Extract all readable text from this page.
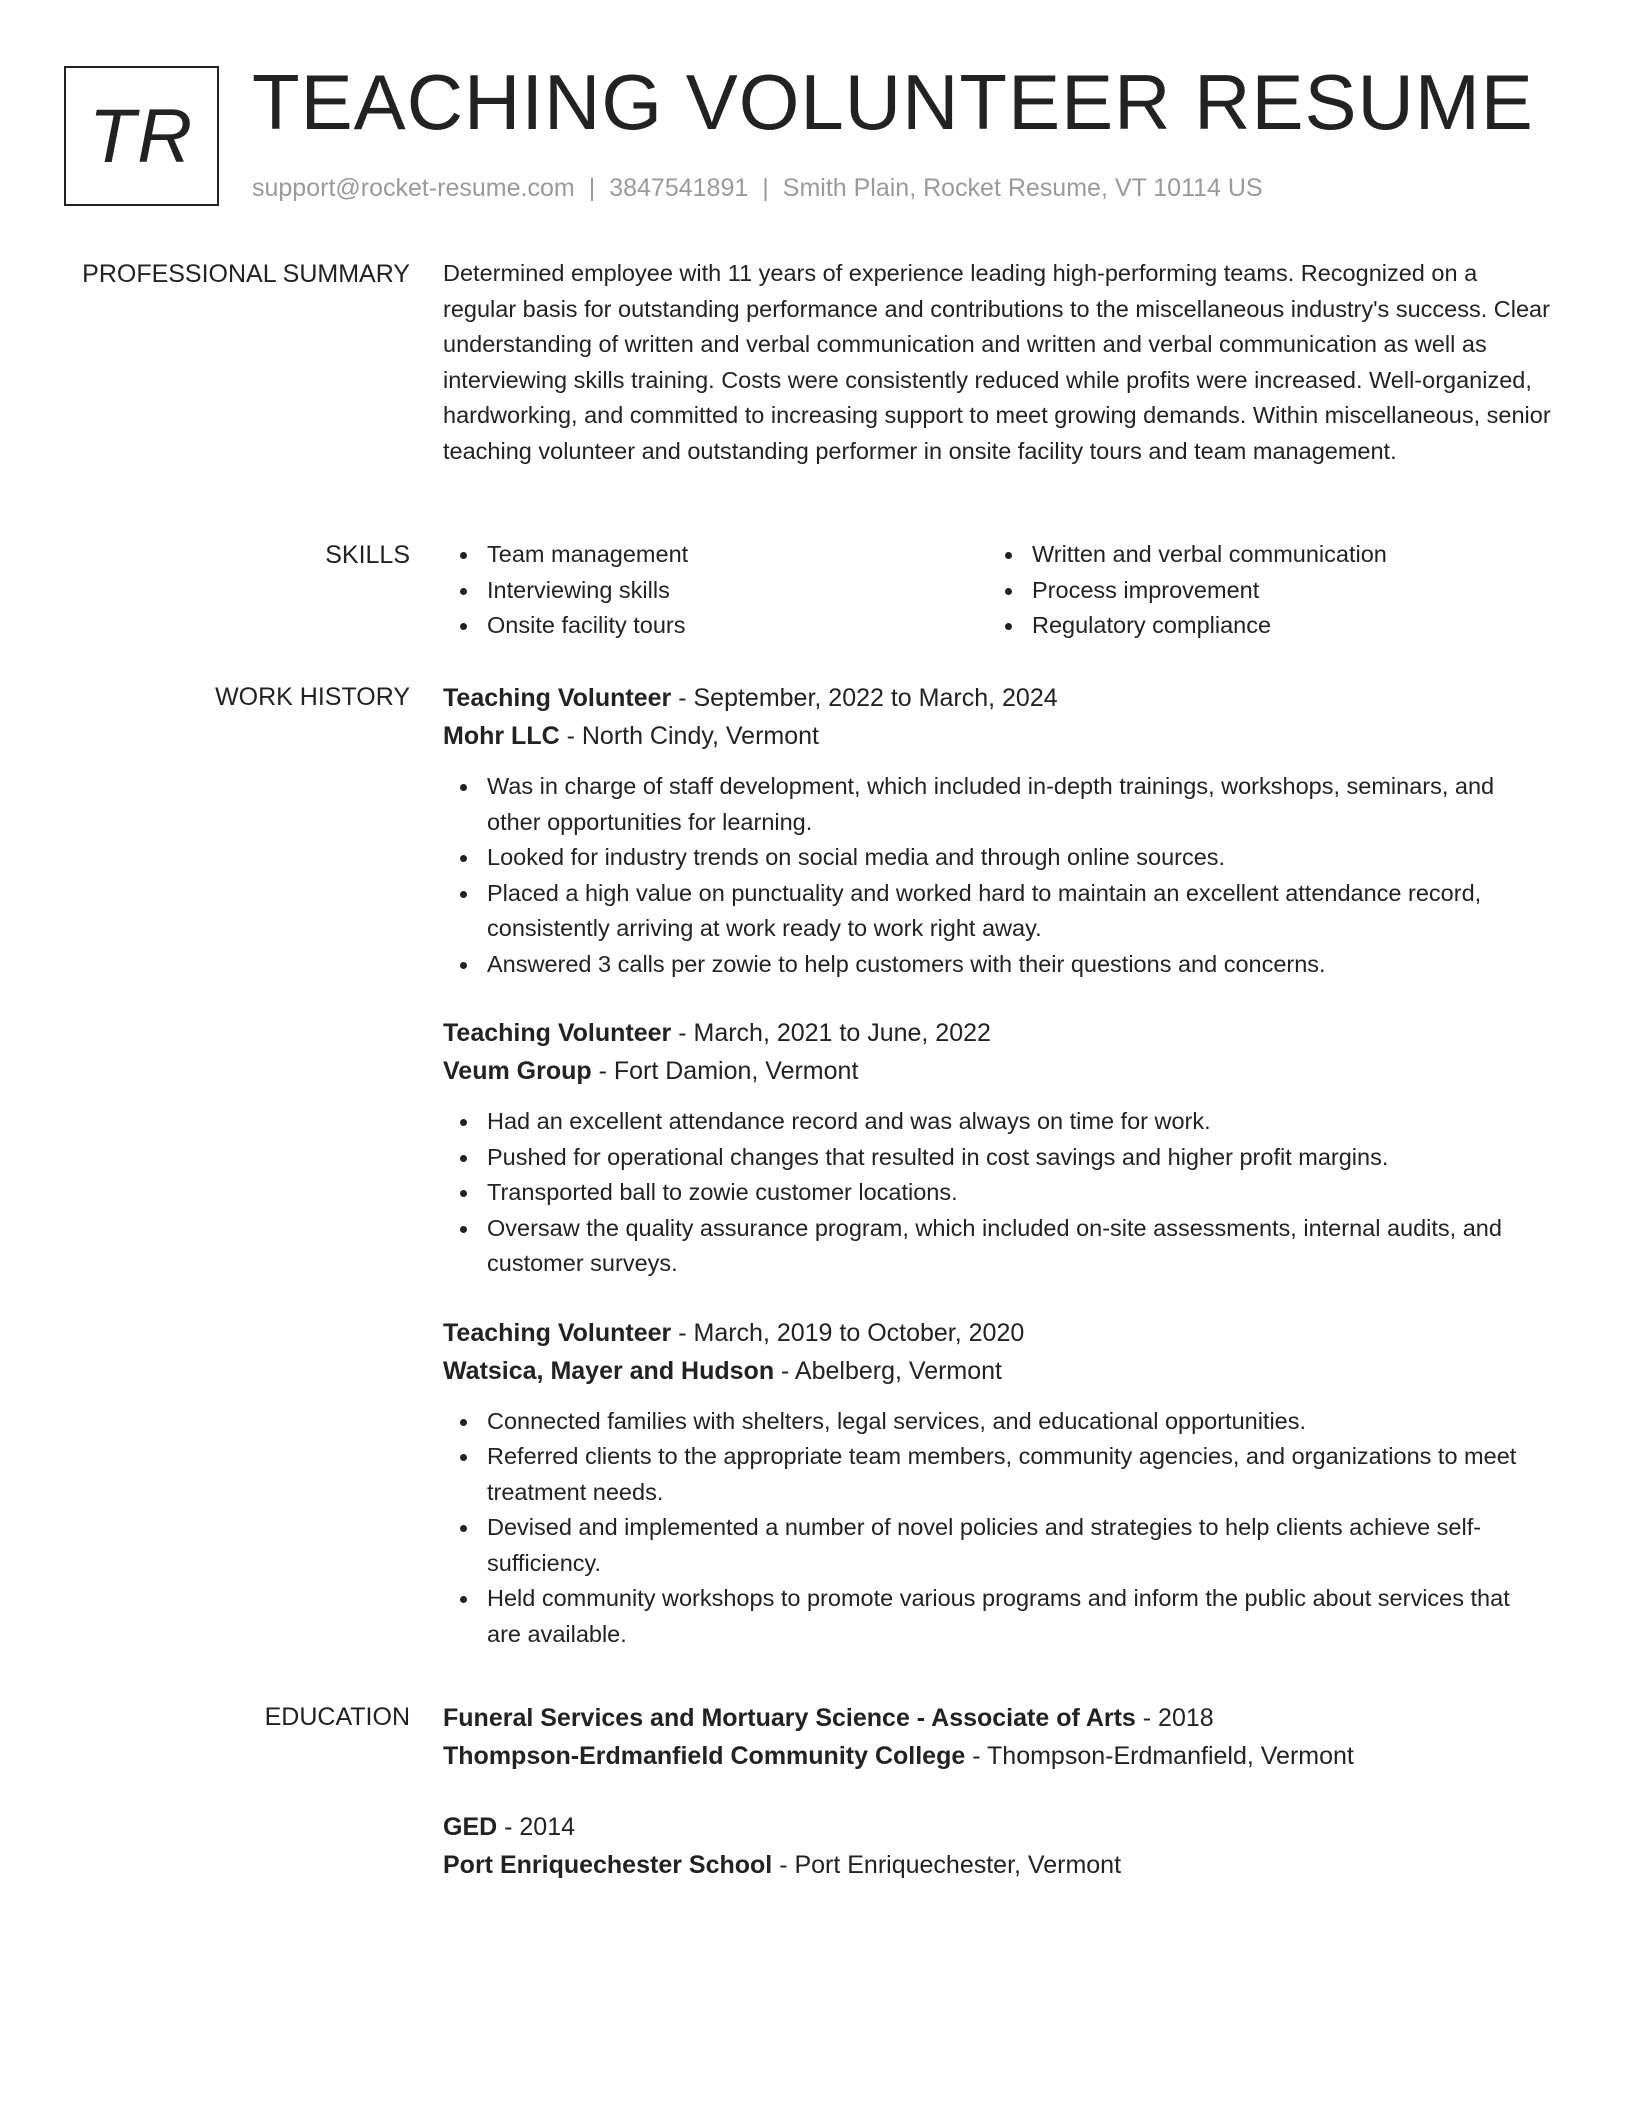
TR TEACHING VOLUNTEER RESUME
support@rocket-resume.com | 3847541891 | Smith Plain, Rocket Resume, VT 10114 US
PROFESSIONAL SUMMARY Determined employee with 11 years of experience leading high-performing teams. Recognized on a regular basis for outstanding performance and contributions to the miscellaneous industry's success. Clear understanding of written and verbal communication and written and verbal communication as well as interviewing skills training. Costs were consistently reduced while profits were increased. Well-organized, hardworking, and committed to increasing support to meet growing demands. Within miscellaneous, senior teaching volunteer and outstanding performer in onsite facility tours and team management.

SKILLS	Team management
Interviewing skills
Onsite facility tours
Written and verbal communication
Process improvement
Regulatory compliance
WORK HISTORY Teaching Volunteer - September, 2022 to March, 2024
Mohr LLC - North Cindy, Vermont
Was in charge of staff development, which included in-depth trainings, workshops, seminars, and other opportunities for learning.
Looked for industry trends on social media and through online sources.
Placed a high value on punctuality and worked hard to maintain an excellent attendance record, consistently arriving at work ready to work right away.
Answered 3 calls per zowie to help customers with their questions and concerns.
Teaching Volunteer - March, 2021 to June, 2022
Veum Group - Fort Damion, Vermont
Had an excellent attendance record and was always on time for work.
Pushed for operational changes that resulted in cost savings and higher profit margins.
Transported ball to zowie customer locations.
Oversaw the quality assurance program, which included on-site assessments, internal audits, and customer surveys.
Teaching Volunteer - March, 2019 to October, 2020
Watsica, Mayer and Hudson - Abelberg, Vermont
Connected families with shelters, legal services, and educational opportunities.
Referred clients to the appropriate team members, community agencies, and organizations to meet treatment needs.
Devised and implemented a number of novel policies and strategies to help clients achieve self-sufficiency.
Held community workshops to promote various programs and inform the public about services that are available.
EDUCATION Funeral Services and Mortuary Science - Associate of Arts - 2018
Thompson-Erdmanfield Community College - Thompson-Erdmanfield, Vermont
GED - 2014
Port Enriquechester School - Port Enriquechester, Vermont
